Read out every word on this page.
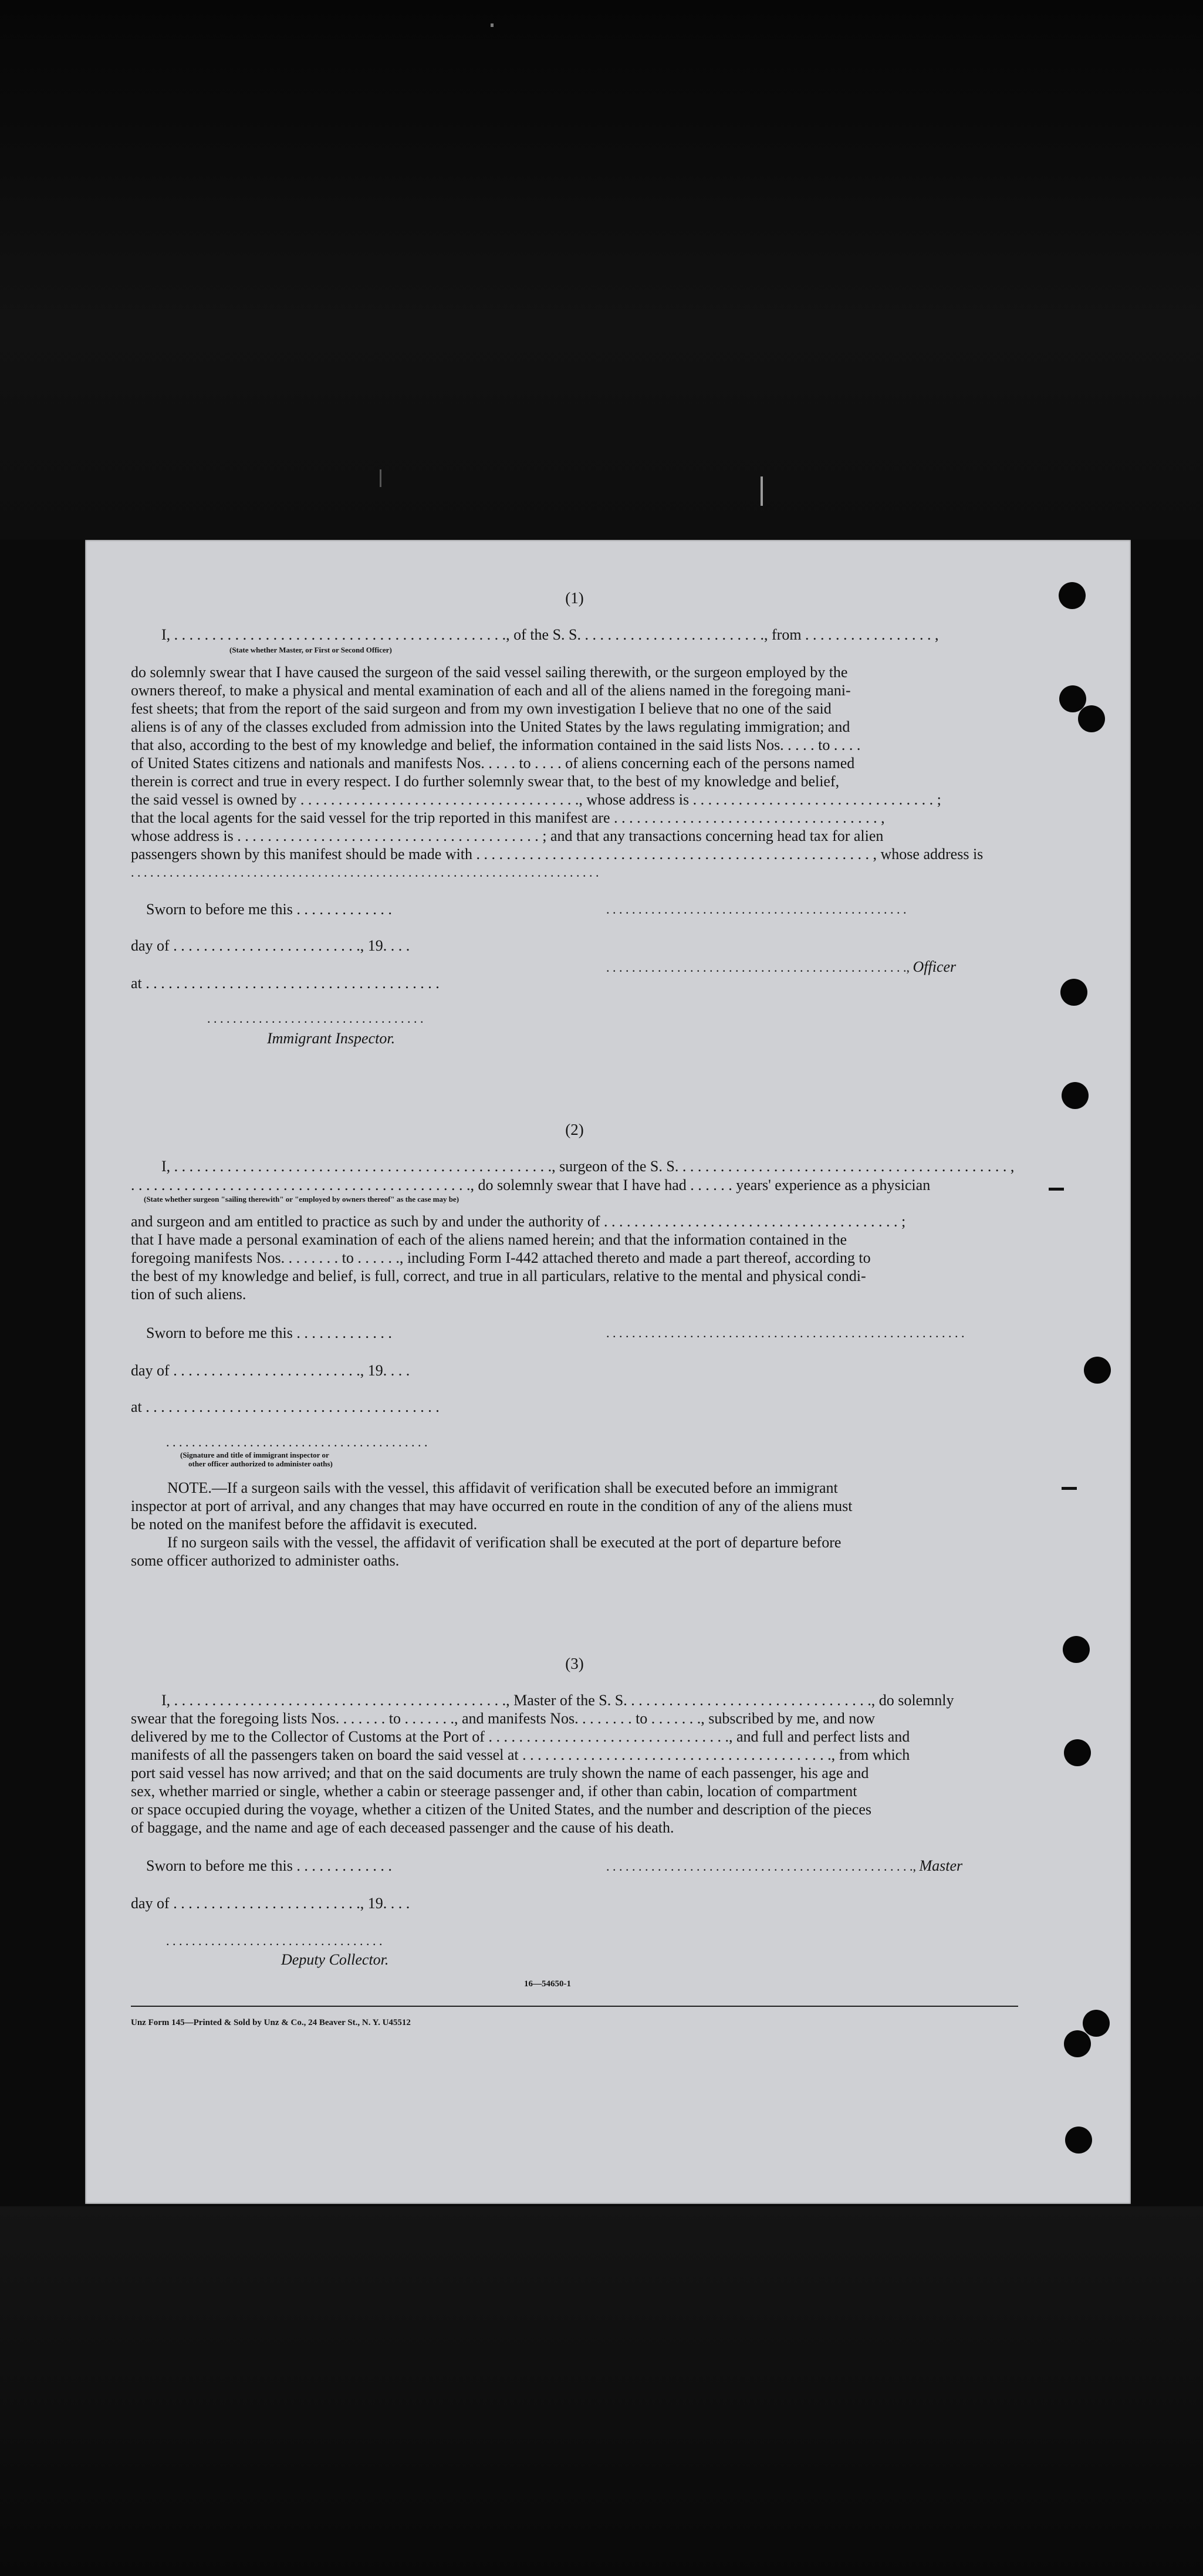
(1)
I, . . . . . . . . . . . . . . . . . . . . . . . . . . . . . . . . . . . . . . . . . . . ., of the S. S. . . . . . . . . . . . . . . . . . . . . . . . ., from . . . . . . . . . . . . . . . . . ,
(State whether Master, or First or Second Officer)
do solemnly swear that I have caused the surgeon of the said vessel sailing therewith, or the surgeon employed by the
owners thereof, to make a physical and mental examination of each and all of the aliens named in the foregoing mani-
fest sheets; that from the report of the said surgeon and from my own investigation I believe that no one of the said
aliens is of any of the classes excluded from admission into the United States by the laws regulating immigration; and
that also, according to the best of my knowledge and belief, the information contained in the said lists Nos. . . . . to . . . .
of United States citizens and nationals and manifests Nos. . . . . to . . . . of aliens concerning each of the persons named
therein is correct and true in every respect. I do further solemnly swear that, to the best of my knowledge and belief,
the said vessel is owned by . . . . . . . . . . . . . . . . . . . . . . . . . . . . . . . . . . . . ., whose address is . . . . . . . . . . . . . . . . . . . . . . . . . . . . . . . . ;
that the local agents for the said vessel for the trip reported in this manifest are . . . . . . . . . . . . . . . . . . . . . . . . . . . . . . . . . . . ,
whose address is . . . . . . . . . . . . . . . . . . . . . . . . . . . . . . . . . . . . . . . . ; and that any transactions concerning head tax for alien
passengers shown by this manifest should be made with . . . . . . . . . . . . . . . . . . . . . . . . . . . . . . . . . . . . . . . . . . . . . . . . . . . . , whose address is
. . . . . . . . . . . . . . . . . . . . . . . . . . . . . . . . . . . . . . . . . . . . . . . . . . . . . . . . . . . . . . . . . . . . . . . . .
Sworn to before me this . . . . . . . . . . . . .	. . . . . . . . . . . . . . . . . . . . . . . . . . . . . . . . . . . . . . . . . . . . . . .
day of . . . . . . . . . . . . . . . . . . . . . . . . ., 19. . . .
. . . . . . . . . . . . . . . . . . . . . . . . . . . . . . . . . . . . . . . . . . . . . . ., Officer
at . . . . . . . . . . . . . . . . . . . . . . . . . . . . . . . . . . . . . . .
. . . . . . . . . . . . . . . . . . . . . . . . . . . . . . . . . .
Immigrant Inspector.
(2)
I, . . . . . . . . . . . . . . . . . . . . . . . . . . . . . . . . . . . . . . . . . . . . . . . . . ., surgeon of the S. S. . . . . . . . . . . . . . . . . . . . . . . . . . . . . . . . . . . . . . . . . . . . ,
. . . . . . . . . . . . . . . . . . . . . . . . . . . . . . . . . . . . . . . . . . . . ., do solemnly swear that I have had . . . . . . years' experience as a physician
(State whether surgeon "sailing therewith" or "employed by owners thereof" as the case may be)
and surgeon and am entitled to practice as such by and under the authority of . . . . . . . . . . . . . . . . . . . . . . . . . . . . . . . . . . . . . . . ;
that I have made a personal examination of each of the aliens named herein; and that the information contained in the
foregoing manifests Nos. . . . . . . . to . . . . . ., including Form I-442 attached thereto and made a part thereof, according to
the best of my knowledge and belief, is full, correct, and true in all particulars, relative to the mental and physical condi-
tion of such aliens.
Sworn to before me this . . . . . . . . . . . . .	. . . . . . . . . . . . . . . . . . . . . . . . . . . . . . . . . . . . . . . . . . . . . . . . . . . . . . . .
day of . . . . . . . . . . . . . . . . . . . . . . . . ., 19. . . .
at . . . . . . . . . . . . . . . . . . . . . . . . . . . . . . . . . . . . . . .
. . . . . . . . . . . . . . . . . . . . . . . . . . . . . . . . . . . . . . . . .
(Signature and title of immigrant inspector or
other officer authorized to administer oaths)
NOTE.—If a surgeon sails with the vessel, this affidavit of verification shall be executed before an immigrant
inspector at port of arrival, and any changes that may have occurred en route in the condition of any of the aliens must
be noted on the manifest before the affidavit is executed.
If no surgeon sails with the vessel, the affidavit of verification shall be executed at the port of departure before
some officer authorized to administer oaths.
(3)
I, . . . . . . . . . . . . . . . . . . . . . . . . . . . . . . . . . . . . . . . . . . . ., Master of the S. S. . . . . . . . . . . . . . . . . . . . . . . . . . . . . . . . ., do solemnly
swear that the foregoing lists Nos. . . . . . . to . . . . . . ., and manifests Nos. . . . . . . . to . . . . . . ., subscribed by me, and now
delivered by me to the Collector of Customs at the Port of . . . . . . . . . . . . . . . . . . . . . . . . . . . . . . . ., and full and perfect lists and
manifests of all the passengers taken on board the said vessel at . . . . . . . . . . . . . . . . . . . . . . . . . . . . . . . . . . . . . . . . ., from which
port said vessel has now arrived; and that on the said documents are truly shown the name of each passenger, his age and
sex, whether married or single, whether a cabin or steerage passenger and, if other than cabin, location of compartment
or space occupied during the voyage, whether a citizen of the United States, and the number and description of the pieces
of baggage, and the name and age of each deceased passenger and the cause of his death.
Sworn to before me this . . . . . . . . . . . . .	. . . . . . . . . . . . . . . . . . . . . . . . . . . . . . . . . . . . . . . . . . . . . . . ., Master
day of . . . . . . . . . . . . . . . . . . . . . . . . ., 19. . . .
. . . . . . . . . . . . . . . . . . . . . . . . . . . . . . . . . .
Deputy Collector.
16—54650-1
Unz Form 145—Printed & Sold by Unz & Co., 24 Beaver St., N. Y. U45512
